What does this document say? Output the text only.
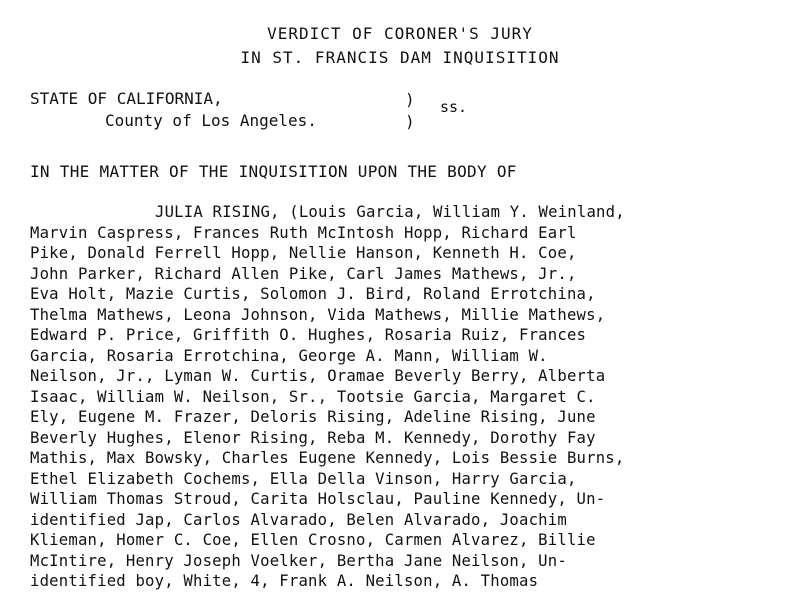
VERDICT OF CORONER'S JURY
IN ST. FRANCIS DAM INQUISITION
STATE OF CALIFORNIA,
County of Los Angeles.
)
)
ss.
IN THE MATTER OF THE INQUISITION UPON THE BODY OF
JULIA RISING, (Louis Garcia, William Y. Weinland,
Marvin Caspress, Frances Ruth McIntosh Hopp, Richard Earl
Pike, Donald Ferrell Hopp, Nellie Hanson, Kenneth H. Coe,
John Parker, Richard Allen Pike, Carl James Mathews, Jr.,
Eva Holt, Mazie Curtis, Solomon J. Bird, Roland Errotchina,
Thelma Mathews, Leona Johnson, Vida Mathews, Millie Mathews,
Edward P. Price, Griffith O. Hughes, Rosaria Ruiz, Frances
Garcia, Rosaria Errotchina, George A. Mann, William W.
Neilson, Jr., Lyman W. Curtis, Oramae Beverly Berry, Alberta
Isaac, William W. Neilson, Sr., Tootsie Garcia, Margaret C.
Ely, Eugene M. Frazer, Deloris Rising, Adeline Rising, June
Beverly Hughes, Elenor Rising, Reba M. Kennedy, Dorothy Fay
Mathis, Max Bowsky, Charles Eugene Kennedy, Lois Bessie Burns,
Ethel Elizabeth Cochems, Ella Della Vinson, Harry Garcia,
William Thomas Stroud, Carita Holsclau, Pauline Kennedy, Un-
identified Jap, Carlos Alvarado, Belen Alvarado, Joachim
Klieman, Homer C. Coe, Ellen Crosno, Carmen Alvarez, Billie
McIntire, Henry Joseph Voelker, Bertha Jane Neilson, Un-
identified boy, White, 4, Frank A. Neilson, A. Thomas
